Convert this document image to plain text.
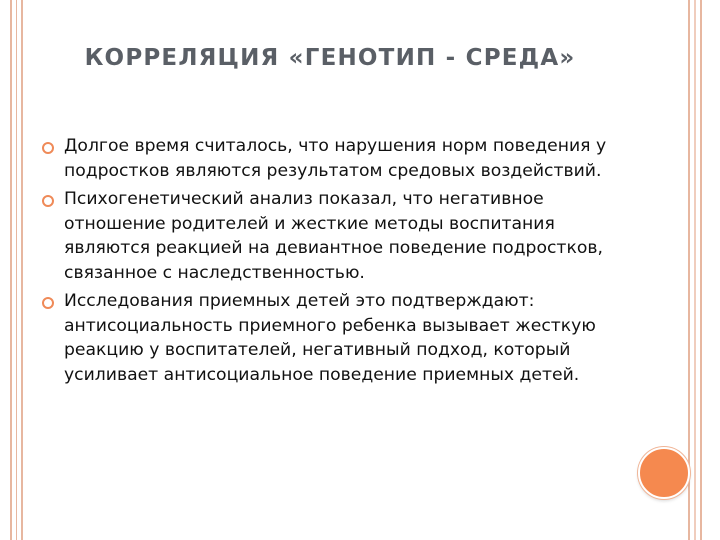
КОРРЕЛЯЦИЯ «ГЕНОТИП - СРЕДА»
Долгое время считалось, что нарушения норм поведения у подростков являются результатом средовых воздействий.
Психогенетический анализ показал, что негативное отношение родителей и жесткие методы воспитания являются реакцией на девиантное поведение подростков, связанное с наследственностью.
Исследования приемных детей это подтверждают: антисоциальность приемного ребенка вызывает жесткую реакцию у воспитателей, негативный подход, который усиливает антисоциальное поведение приемных детей.
